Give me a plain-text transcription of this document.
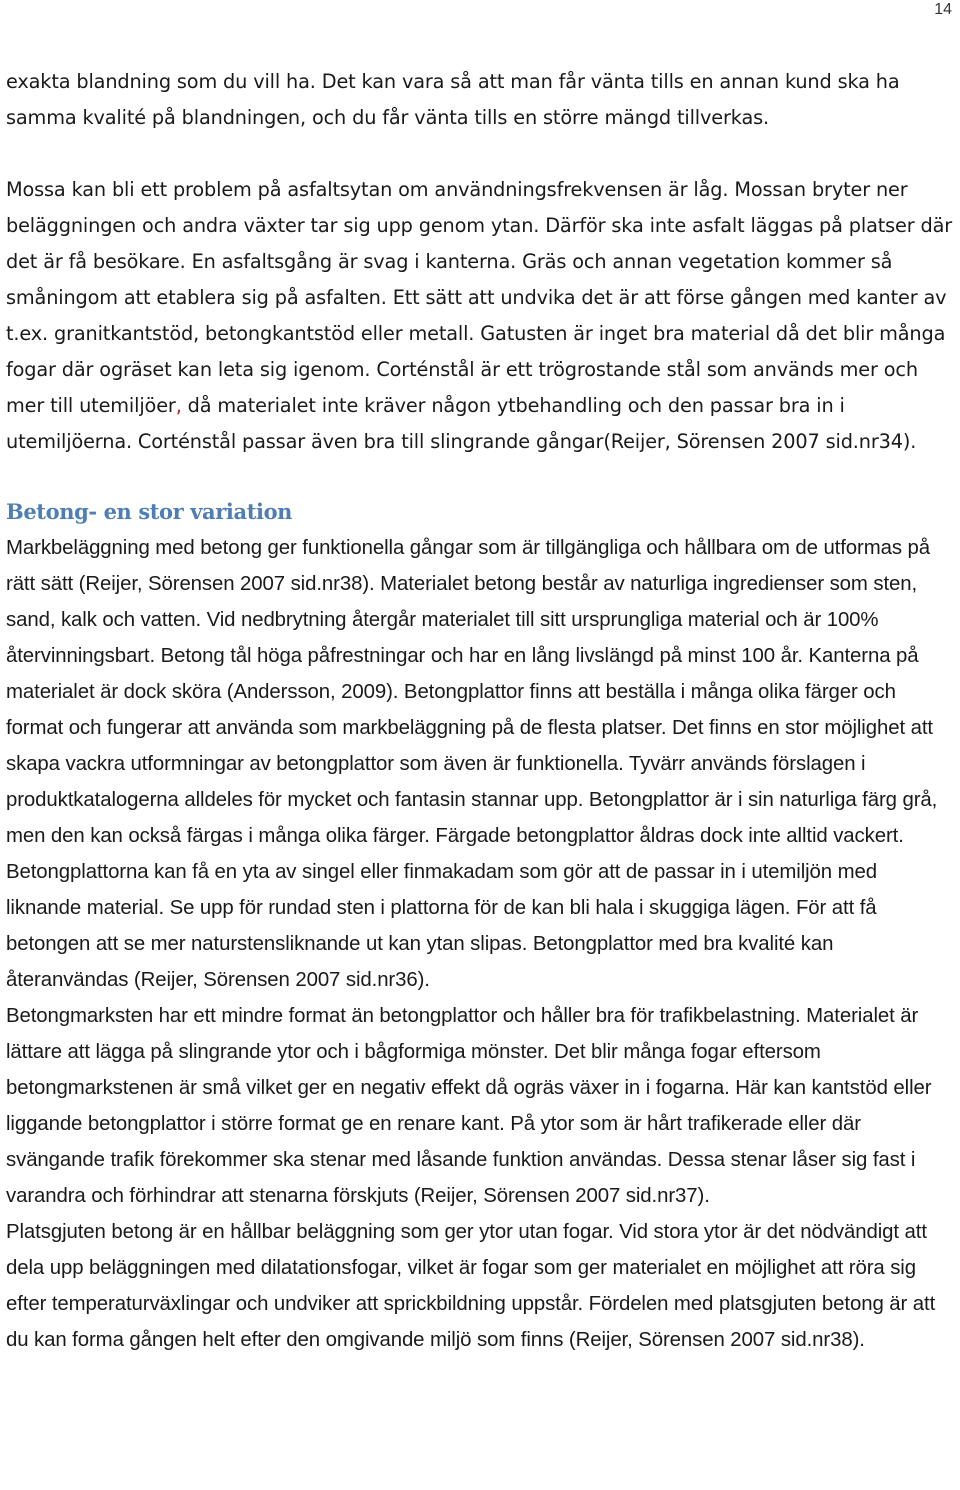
14

exakta blandning som du vill ha. Det kan vara så att man får vänta tills en annan kund ska ha samma kvalité på blandningen, och du får vänta tills en större mängd tillverkas.

Mossa kan bli ett problem på asfaltsytan om användningsfrekvensen är låg. Mossan bryter ner beläggningen och andra växter tar sig upp genom ytan. Därför ska inte asfalt läggas på platser där det är få besökare. En asfaltsgång är svag i kanterna. Gräs och annan vegetation kommer så småningom att etablera sig på asfalten. Ett sätt att undvika det är att förse gången med kanter av t.ex. granitkantstöd, betongkantstöd eller metall. Gatusten är inget bra material då det blir många fogar där ogräset kan leta sig igenom. Corténstål är ett trögrostande stål som används mer och mer till utemiljöer, då materialet inte kräver någon ytbehandling och den passar bra in i utemiljöerna. Corténstål passar även bra till slingrande gångar(Reijer, Sörensen 2007 sid.nr34).

Betong- en stor variation

Markbeläggning med betong ger funktionella gångar som är tillgängliga och hållbara om de utformas på rätt sätt (Reijer, Sörensen 2007 sid.nr38). Materialet betong består av naturliga ingredienser som sten, sand, kalk och vatten. Vid nedbrytning återgår materialet till sitt ursprungliga material och är 100% återvinningsbart. Betong tål höga påfrestningar och har en lång livslängd på minst 100 år. Kanterna på materialet är dock sköra (Andersson, 2009). Betongplattor finns att beställa i många olika färger och format och fungerar att använda som markbeläggning på de flesta platser. Det finns en stor möjlighet att skapa vackra utformningar av betongplattor som även är funktionella. Tyvärr används förslagen i produktkatalogerna alldeles för mycket och fantasin stannar upp. Betongplattor är i sin naturliga färg grå, men den kan också färgas i många olika färger. Färgade betongplattor åldras dock inte alltid vackert. Betongplattorna kan få en yta av singel eller finmakadam som gör att de passar in i utemiljön med liknande material. Se upp för rundad sten i plattorna för de kan bli hala i skuggiga lägen. För att få betongen att se mer naturstensliknande ut kan ytan slipas. Betongplattor med bra kvalité kan återanvändas (Reijer, Sörensen 2007 sid.nr36).

Betongmarksten har ett mindre format än betongplattor och håller bra för trafikbelastning. Materialet är lättare att lägga på slingrande ytor och i bågformiga mönster. Det blir många fogar eftersom betongmarkstenen är små vilket ger en negativ effekt då ogräs växer in i fogarna. Här kan kantstöd eller liggande betongplattor i större format ge en renare kant. På ytor som är hårt trafikerade eller där svängande trafik förekommer ska stenar med låsande funktion användas. Dessa stenar låser sig fast i varandra och förhindrar att stenarna förskjuts (Reijer, Sörensen 2007 sid.nr37).

Platsgjuten betong är en hållbar beläggning som ger ytor utan fogar. Vid stora ytor är det nödvändigt att dela upp beläggningen med dilatationsfogar, vilket är fogar som ger materialet en möjlighet att röra sig efter temperaturväxlingar och undviker att sprickbildning uppstår. Fördelen med platsgjuten betong är att du kan forma gången helt efter den omgivande miljö som finns (Reijer, Sörensen 2007 sid.nr38).
